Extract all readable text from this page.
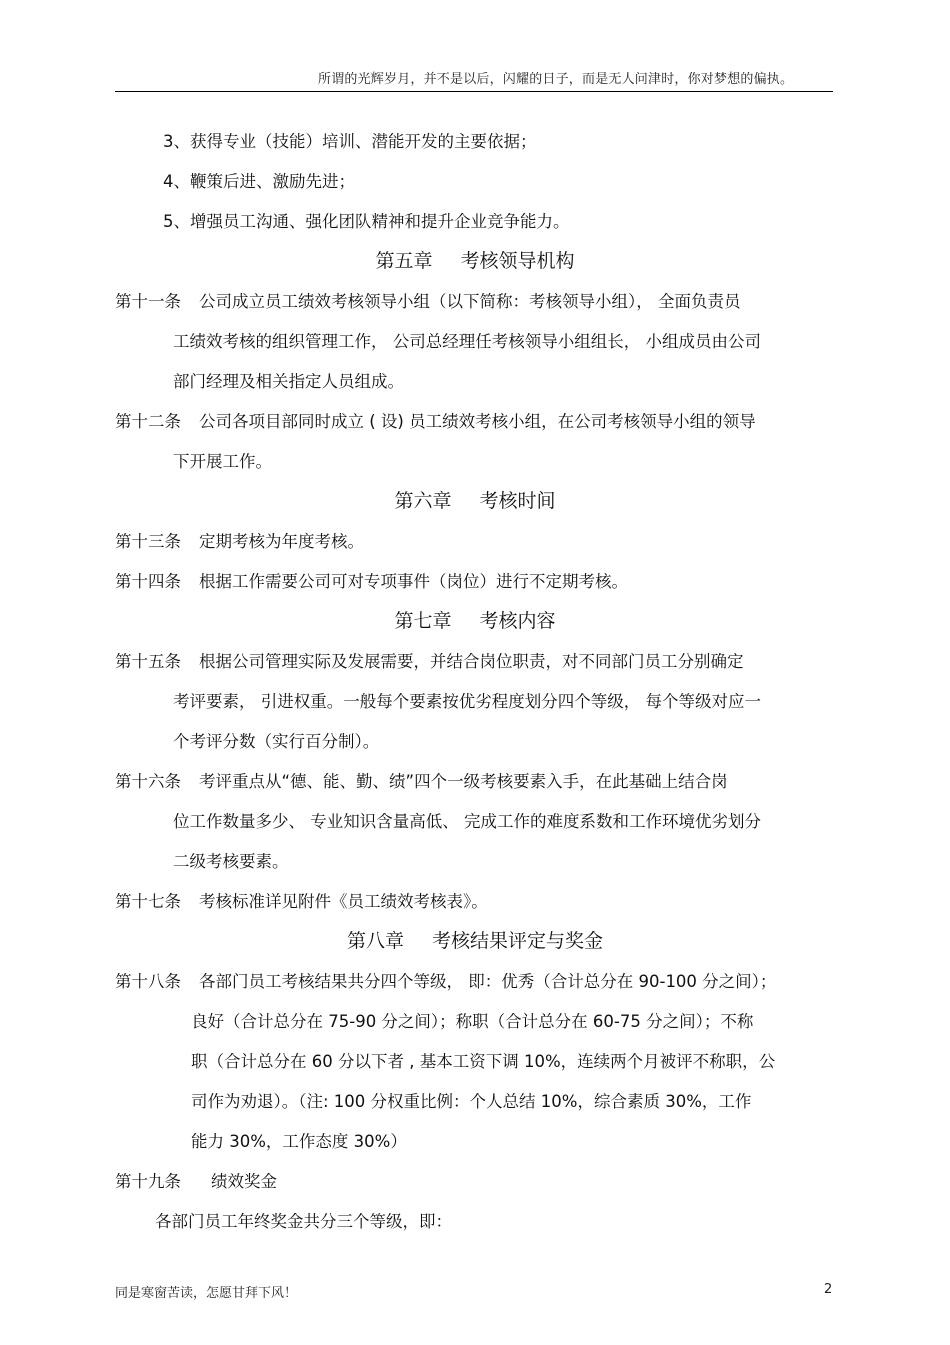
所谓的光辉岁月，并不是以后，闪耀的日子，而是无人问津时，你对梦想的偏执。
3、获得专业（技能）培训、潜能开发的主要依据；
4、鞭策后进、激励先进；
5、增强员工沟通、强化团队精神和提升企业竞争能力。
第五章 考核领导机构
第十一条 公司成立员工绩效考核领导小组（以下简称：考核领导小组）， 全面负责员
工绩效考核的组织管理工作， 公司总经理任考核领导小组组长， 小组成员由公司
部门经理及相关指定人员组成。
第十二条 公司各项目部同时成立 ( 设) 员工绩效考核小组，在公司考核领导小组的领导
下开展工作。
第六章 考核时间
第十三条 定期考核为年度考核。
第十四条 根据工作需要公司可对专项事件（岗位）进行不定期考核。
第七章 考核内容
第十五条 根据公司管理实际及发展需要，并结合岗位职责，对不同部门员工分别确定
考评要素， 引进权重。一般每个要素按优劣程度划分四个等级， 每个等级对应一
个考评分数（实行百分制）。
第十六条 考评重点从“德、能、勤、绩”四个一级考核要素入手，在此基础上结合岗
位工作数量多少、 专业知识含量高低、 完成工作的难度系数和工作环境优劣划分
二级考核要素。
第十七条 考核标准详见附件《员工绩效考核表》。
第八章 考核结果评定与奖金
第十八条 各部门员工考核结果共分四个等级， 即：优秀（合计总分在 90-100 分之间）；
良好（合计总分在 75-90 分之间）；称职（合计总分在 60-75 分之间）；不称
职（合计总分在 60 分以下者 , 基本工资下调 10%，连续两个月被评不称职，公
司作为劝退）。（注: 100 分权重比例：个人总结 10%，综合素质 30%，工作
能力 30%，工作态度 30%）
第十九条 绩效奖金
各部门员工年终奖金共分三个等级，即：
同是寒窗苦读，怎愿甘拜下风！	2
